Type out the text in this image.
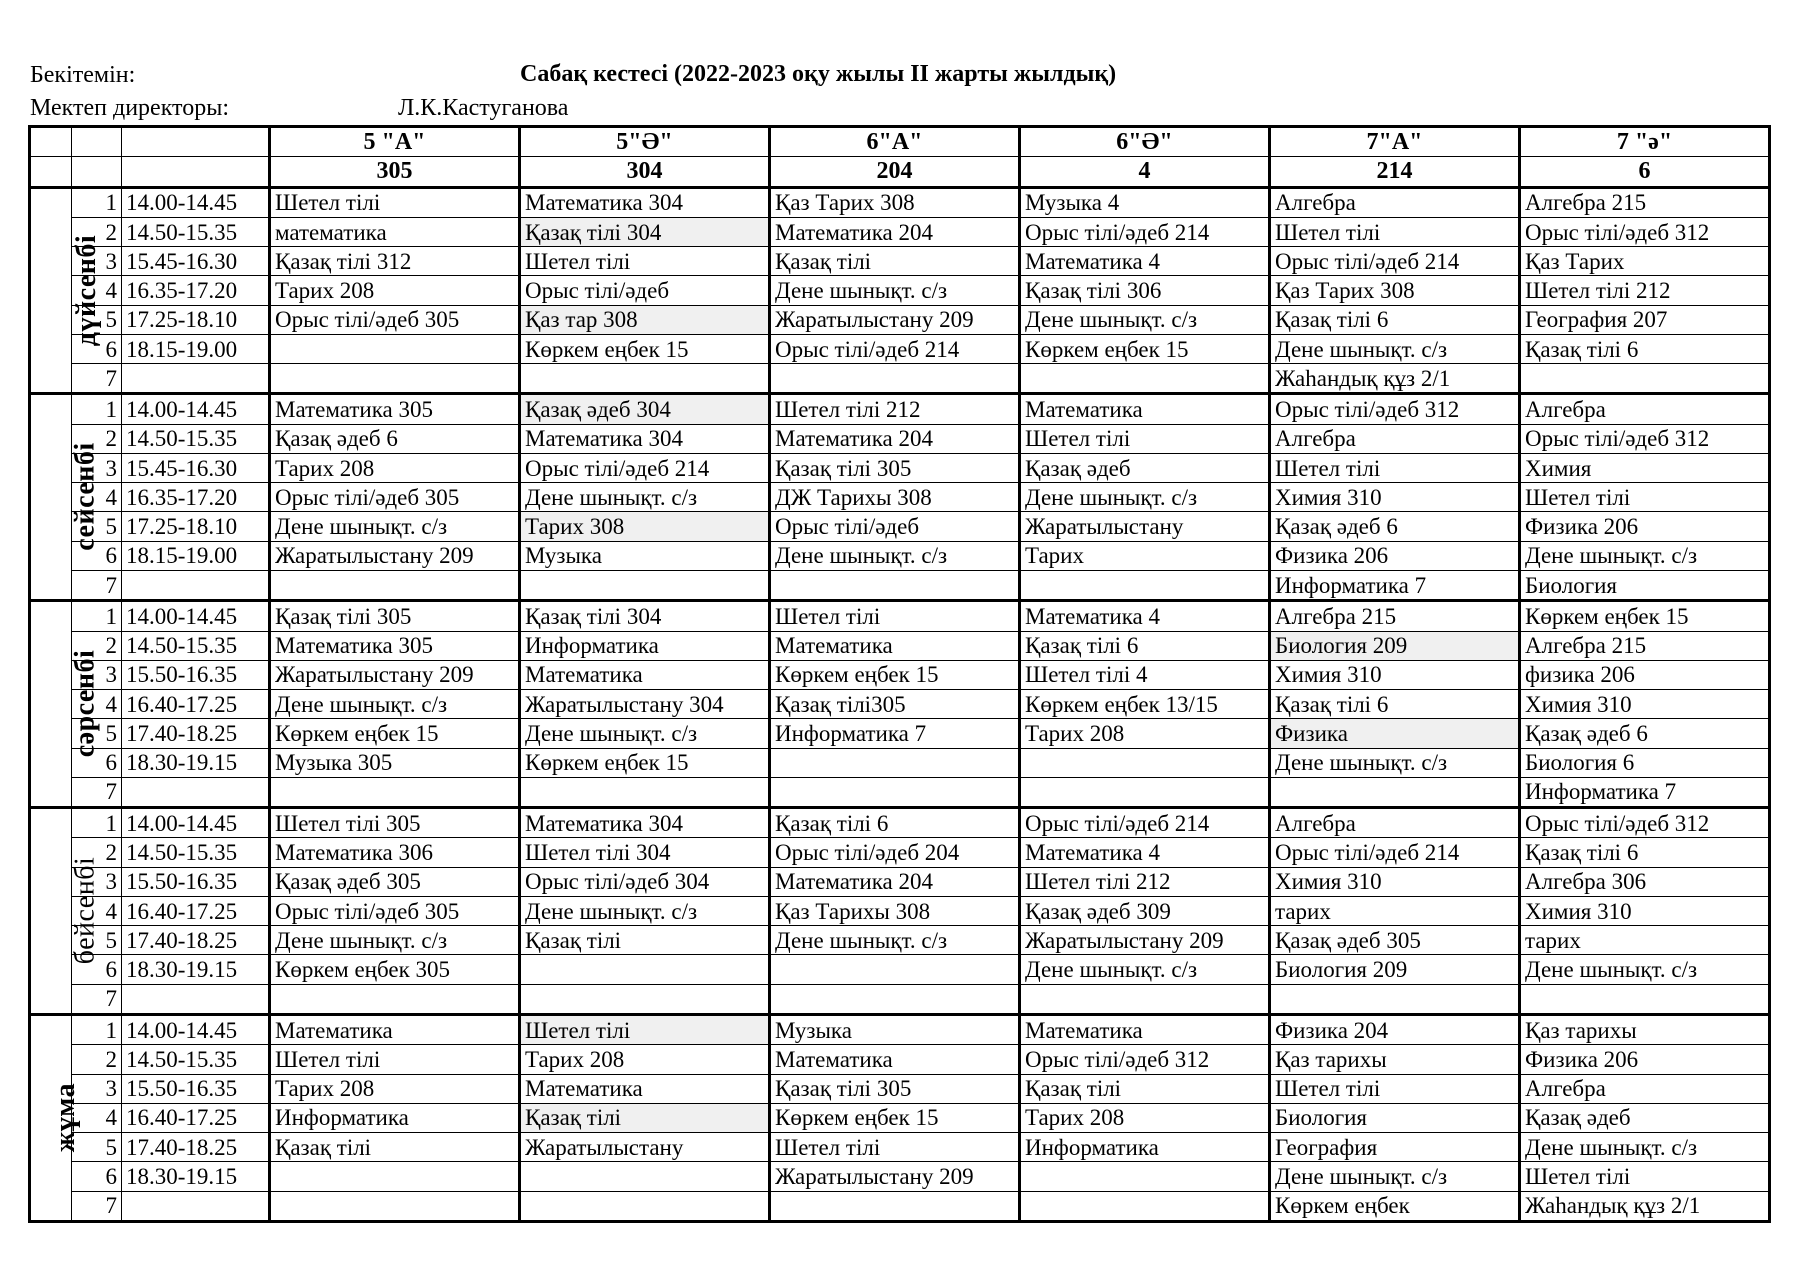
Бекітемін:
Мектеп директоры:	Л.К.Кастуганова
Сабақ кестесі (2022-2023 оқу жылы II жарты жылдық)
			5 "А"	5"Ә"	6"А"	6"Ә"	7"А"	7 "ә"
			305	304	204	4	214	6
дүйсенбі	1	14.00-14.45	Шетел тілі	Математика 304	Қаз Тарих 308	Музыка 4	Алгебра	Алгебра 215
	2	14.50-15.35	математика	Қазақ тілі 304	Математика 204	Орыс тілі/әдеб 214	Шетел тілі	Орыс тілі/әдеб 312
	3	15.45-16.30	Қазақ тілі 312	Шетел тілі	Қазақ тілі	Математика 4	Орыс тілі/әдеб 214	Қаз Тарих
	4	16.35-17.20	Тарих 208	Орыс тілі/әдеб	Дене шынықт. с/з	Қазақ тілі 306	Қаз Тарих 308	Шетел тілі 212
	5	17.25-18.10	Орыс тілі/әдеб 305	Қаз тар 308	Жаратылыстану 209	Дене шынықт. с/з	Қазақ тілі 6	География 207
	6	18.15-19.00		Көркем еңбек 15	Орыс тілі/әдеб 214	Көркем еңбек 15	Дене шынықт. с/з	Қазақ тілі 6
	7						Жаһандық құз 2/1	
сейсенбі	1	14.00-14.45	Математика 305	Қазақ әдеб 304	Шетел тілі 212	Математика	Орыс тілі/әдеб 312	Алгебра
	2	14.50-15.35	Қазақ әдеб 6	Математика 304	Математика 204	Шетел тілі	Алгебра	Орыс тілі/әдеб 312
	3	15.45-16.30	Тарих 208	Орыс тілі/әдеб 214	Қазақ тілі 305	Қазақ әдеб	Шетел тілі	Химия
	4	16.35-17.20	Орыс тілі/әдеб 305	Дене шынықт. с/з	ДЖ Тарихы 308	Дене шынықт. с/з	Химия 310	Шетел тілі
	5	17.25-18.10	Дене шынықт. с/з	Тарих 308	Орыс тілі/әдеб	Жаратылыстану	Қазақ әдеб 6	Физика 206
	6	18.15-19.00	Жаратылыстану 209	Музыка	Дене шынықт. с/з	Тарих	Физика 206	Дене шынықт. с/з
	7						Информатика 7	Биология
сәрсенбі	1	14.00-14.45	Қазақ тілі 305	Қазақ тілі 304	Шетел тілі	Математика 4	Алгебра 215	Көркем еңбек 15
	2	14.50-15.35	Математика 305	Информатика	Математика	Қазақ тілі 6	Биология 209	Алгебра 215
	3	15.50-16.35	Жаратылыстану 209	Математика	Көркем еңбек 15	Шетел тілі 4	Химия 310	физика 206
	4	16.40-17.25	Дене шынықт. с/з	Жаратылыстану 304	Қазақ тілі305	Көркем еңбек 13/15	Қазақ тілі 6	Химия 310
	5	17.40-18.25	Көркем еңбек 15	Дене шынықт. с/з	Информатика 7	Тарих 208	Физика	Қазақ әдеб 6
	6	18.30-19.15	Музыка 305	Көркем еңбек 15			Дене шынықт. с/з	Биология 6
	7							Информатика 7
бейсенбі	1	14.00-14.45	Шетел тілі 305	Математика 304	Қазақ тілі 6	Орыс тілі/әдеб 214	Алгебра	Орыс тілі/әдеб 312
	2	14.50-15.35	Математика 306	Шетел тілі 304	Орыс тілі/әдеб 204	Математика 4	Орыс тілі/әдеб 214	Қазақ тілі 6
	3	15.50-16.35	Қазақ әдеб 305	Орыс тілі/әдеб 304	Математика 204	Шетел тілі 212	Химия 310	Алгебра 306
	4	16.40-17.25	Орыс тілі/әдеб 305	Дене шынықт. с/з	Қаз Тарихы 308	Қазақ әдеб 309	тарих	Химия 310
	5	17.40-18.25	Дене шынықт. с/з	Қазақ тілі	Дене шынықт. с/з	Жаратылыстану 209	Қазақ әдеб 305	тарих
	6	18.30-19.15	Көркем еңбек 305			Дене шынықт. с/з	Биология 209	Дене шынықт. с/з
	7							
жұма	1	14.00-14.45	Математика	Шетел тілі	Музыка	Математика	Физика 204	Қаз тарихы
	2	14.50-15.35	Шетел тілі	Тарих 208	Математика	Орыс тілі/әдеб 312	Қаз тарихы	Физика 206
	3	15.50-16.35	Тарих 208	Математика	Қазақ тілі 305	Қазақ тілі	Шетел тілі	Алгебра
	4	16.40-17.25	Информатика	Қазақ тілі	Көркем еңбек 15	Тарих 208	Биология	Қазақ әдеб
	5	17.40-18.25	Қазақ тілі	Жаратылыстану	Шетел тілі	Информатика	География	Дене шынықт. с/з
	6	18.30-19.15			Жаратылыстану 209		Дене шынықт. с/з	Шетел тілі
	7						Көркем еңбек	Жаһандық құз 2/1
